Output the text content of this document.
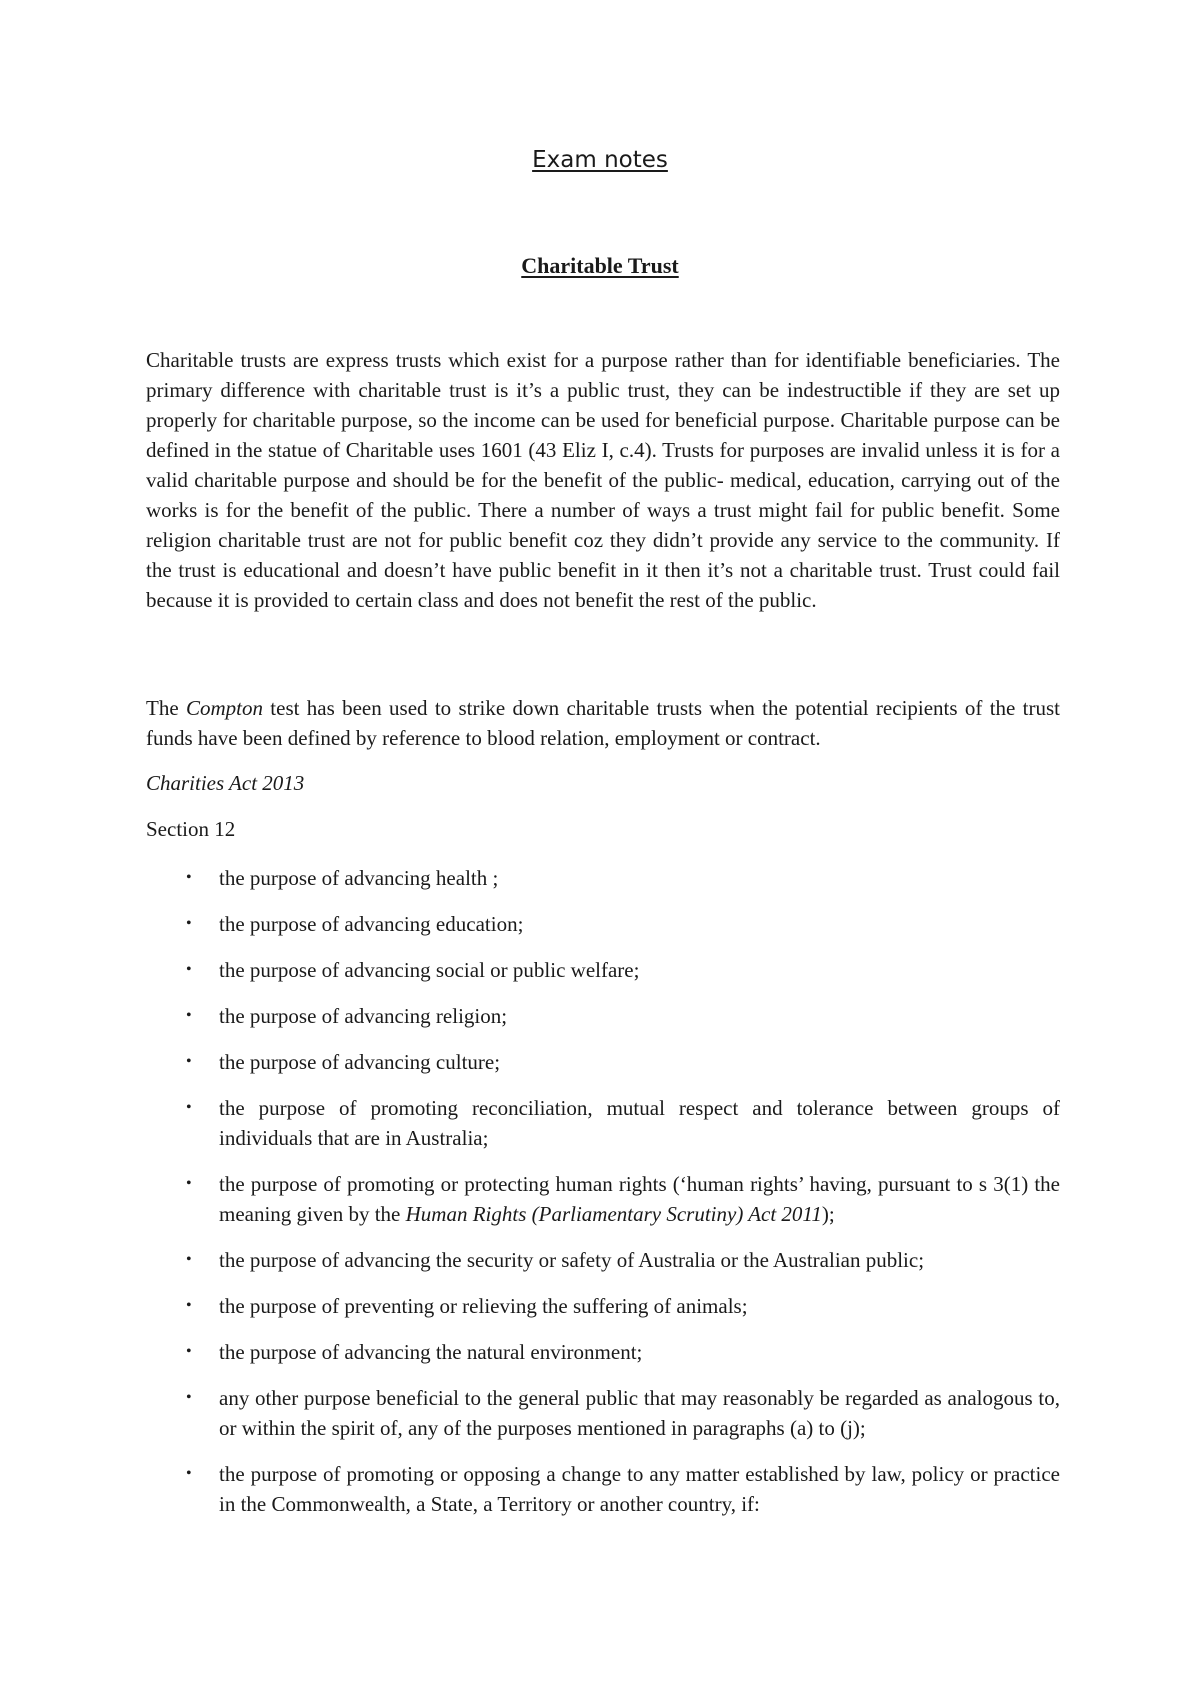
Exam notes
Charitable Trust

Charitable trusts are express trusts which exist for a purpose rather than for identifiable beneficiaries. The primary difference with charitable trust is it’s a public trust, they can be indestructible if they are set up properly for charitable purpose, so the income can be used for beneficial purpose. Charitable purpose can be defined in the statue of Charitable uses 1601 (43 Eliz I, c.4). Trusts for purposes are invalid unless it is for a valid charitable purpose and should be for the benefit of the public- medical, education, carrying out of the works is for the benefit of the public. There a number of ways a trust might fail for public benefit. Some religion charitable trust are not for public benefit coz they didn’t provide any service to the community. If the trust is educational and doesn’t have public benefit in it then it’s not a charitable trust. Trust could fail because it is provided to certain class and does not benefit the rest of the public.

The Compton test has been used to strike down charitable trusts when the potential recipients of the trust funds have been defined by reference to blood relation, employment or contract.

Charities Act 2013

Section 12

• the purpose of advancing health ;
• the purpose of advancing education;
• the purpose of advancing social or public welfare;
• the purpose of advancing religion;
• the purpose of advancing culture;
• the purpose of promoting reconciliation, mutual respect and tolerance between groups of individuals that are in Australia;
• the purpose of promoting or protecting human rights (‘human rights’ having, pursuant to s 3(1) the meaning given by the Human Rights (Parliamentary Scrutiny) Act 2011);
• the purpose of advancing the security or safety of Australia or the Australian public;
• the purpose of preventing or relieving the suffering of animals;
• the purpose of advancing the natural environment;
• any other purpose beneficial to the general public that may reasonably be regarded as analogous to, or within the spirit of, any of the purposes mentioned in paragraphs (a) to (j);
• the purpose of promoting or opposing a change to any matter established by law, policy or practice in the Commonwealth, a State, a Territory or another country, if:
